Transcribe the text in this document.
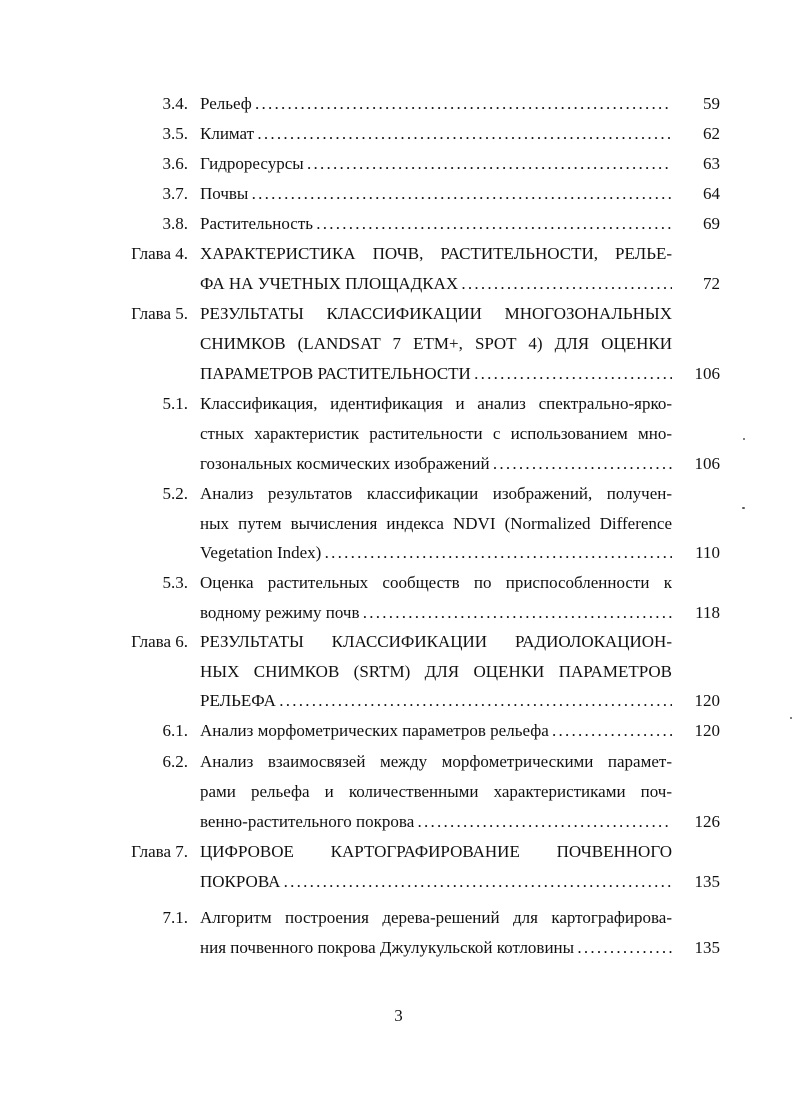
3.4. Рельеф . . .	59
3.5. Климат . . .	62
3.6. Гидроресурсы . . .	63
3.7. Почвы . . .	64
3.8. Растительность . . .	69
Глава 4. ХАРАКТЕРИСТИКА ПОЧВ, РАСТИТЕЛЬНОСТИ, РЕЛЬЕ-
ФА НА УЧЕТНЫХ ПЛОЩАДКАХ . . .	72
Глава 5. РЕЗУЛЬТАТЫ КЛАССИФИКАЦИИ МНОГОЗОНАЛЬНЫХ
СНИМКОВ (LANDSAT 7 ETM+, SPOT 4) ДЛЯ ОЦЕНКИ
ПАРАМЕТРОВ РАСТИТЕЛЬНОСТИ . . .	106
5.1. Классификация, идентификация и анализ спектрально-ярко-
стных характеристик растительности с использованием мно-
гозональных космических изображений . . .	106
5.2. Анализ результатов классификации изображений, получен-
ных путем вычисления индекса NDVI (Normalized Difference
Vegetation Index) . . .	110
5.3. Оценка растительных сообществ по приспособленности к
водному режиму почв . . .	118
Глава 6. РЕЗУЛЬТАТЫ КЛАССИФИКАЦИИ РАДИОЛОКАЦИОН-
НЫХ СНИМКОВ (SRTM) ДЛЯ ОЦЕНКИ ПАРАМЕТРОВ
РЕЛЬЕФА . . .	120
6.1. Анализ морфометрических параметров рельефа . . .	120
6.2. Анализ взаимосвязей между морфометрическими парамет-
рами рельефа и количественными характеристиками поч-
венно-растительного покрова . . .	126
Глава 7. ЦИФРОВОЕ КАРТОГРАФИРОВАНИЕ ПОЧВЕННОГО
ПОКРОВА . . .	135
7.1. Алгоритм построения дерева-решений для картографирова-
ния почвенного покрова Джулукульской котловины . . .	135
3
